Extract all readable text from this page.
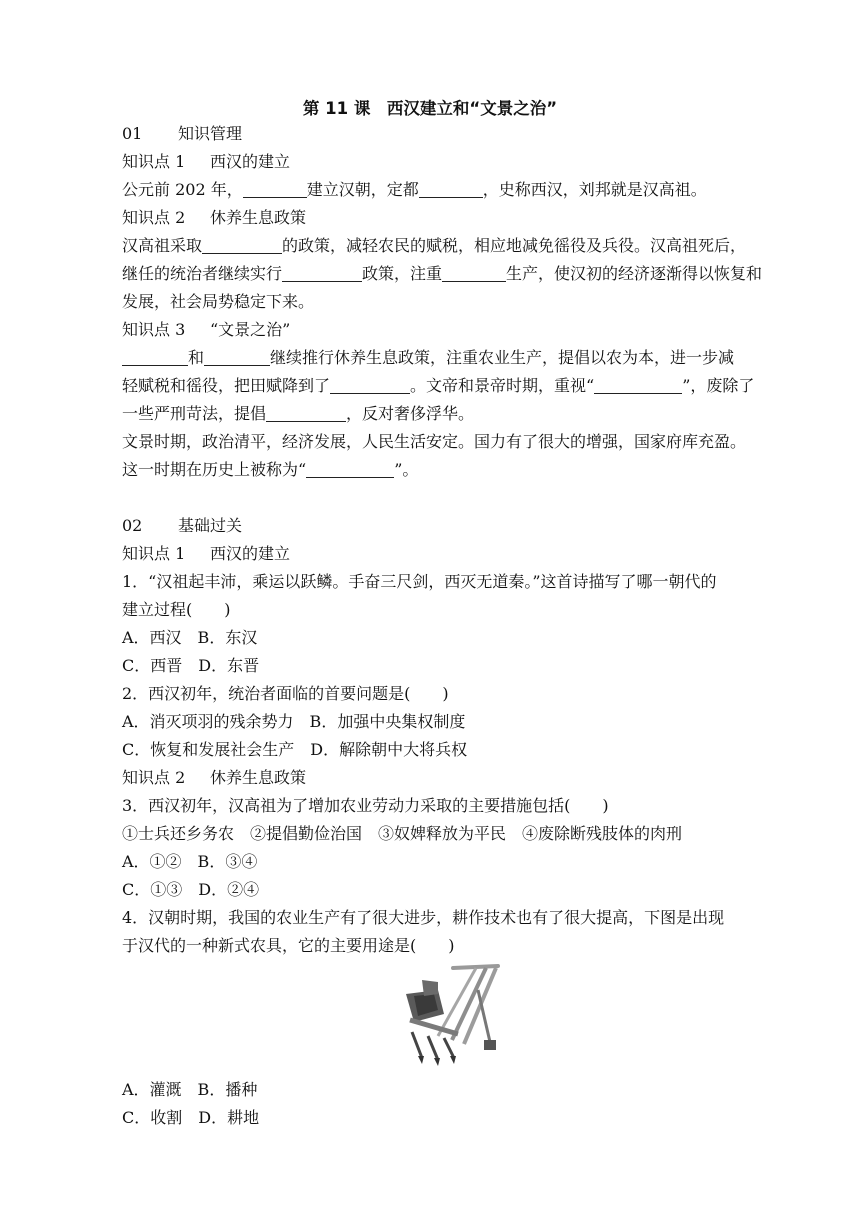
第 11 课　西汉建立和“文景之治”
01 知识管理
知识点 1 西汉的建立
公元前 202 年，	建立汉朝，定都	，史称西汉，刘邦就是汉高祖。
知识点 2 休养生息政策
汉高祖采取	的政策，减轻农民的赋税，相应地减免徭役及兵役。汉高祖死后，
继任的统治者继续实行	政策，注重	生产，使汉初的经济逐渐得以恢复和
发展，社会局势稳定下来。
知识点 3 “文景之治”
和	继续推行休养生息政策，注重农业生产，提倡以农为本，进一步减
轻赋税和徭役，把田赋降到了	。文帝和景帝时期，重视“	”，废除了
一些严刑苛法，提倡	，反对奢侈浮华。
文景时期，政治清平，经济发展，人民生活安定。国力有了很大的增强，国家府库充盈。
这一时期在历史上被称为“	”。
02 基础过关
知识点 1 西汉的建立
1．“汉祖起丰沛，乘运以跃鳞。手奋三尺剑，西灭无道秦。”这首诗描写了哪一朝代的
建立过程(　　)
A．西汉　B．东汉
C．西晋　D．东晋
2．西汉初年，统治者面临的首要问题是(　　)
A．消灭项羽的残余势力　B．加强中央集权制度
C．恢复和发展社会生产　D．解除朝中大将兵权
知识点 2 休养生息政策
3．西汉初年，汉高祖为了增加农业劳动力采取的主要措施包括(　　)
①士兵还乡务农　②提倡勤俭治国　③奴婢释放为平民　④废除断残肢体的肉刑
A．①②　B．③④
C．①③　D．②④
4．汉朝时期，我国的农业生产有了很大进步，耕作技术也有了很大提高，下图是出现
于汉代的一种新式农具，它的主要用途是(　　)
A．灌溉　B．播种
C．收割　D．耕地
